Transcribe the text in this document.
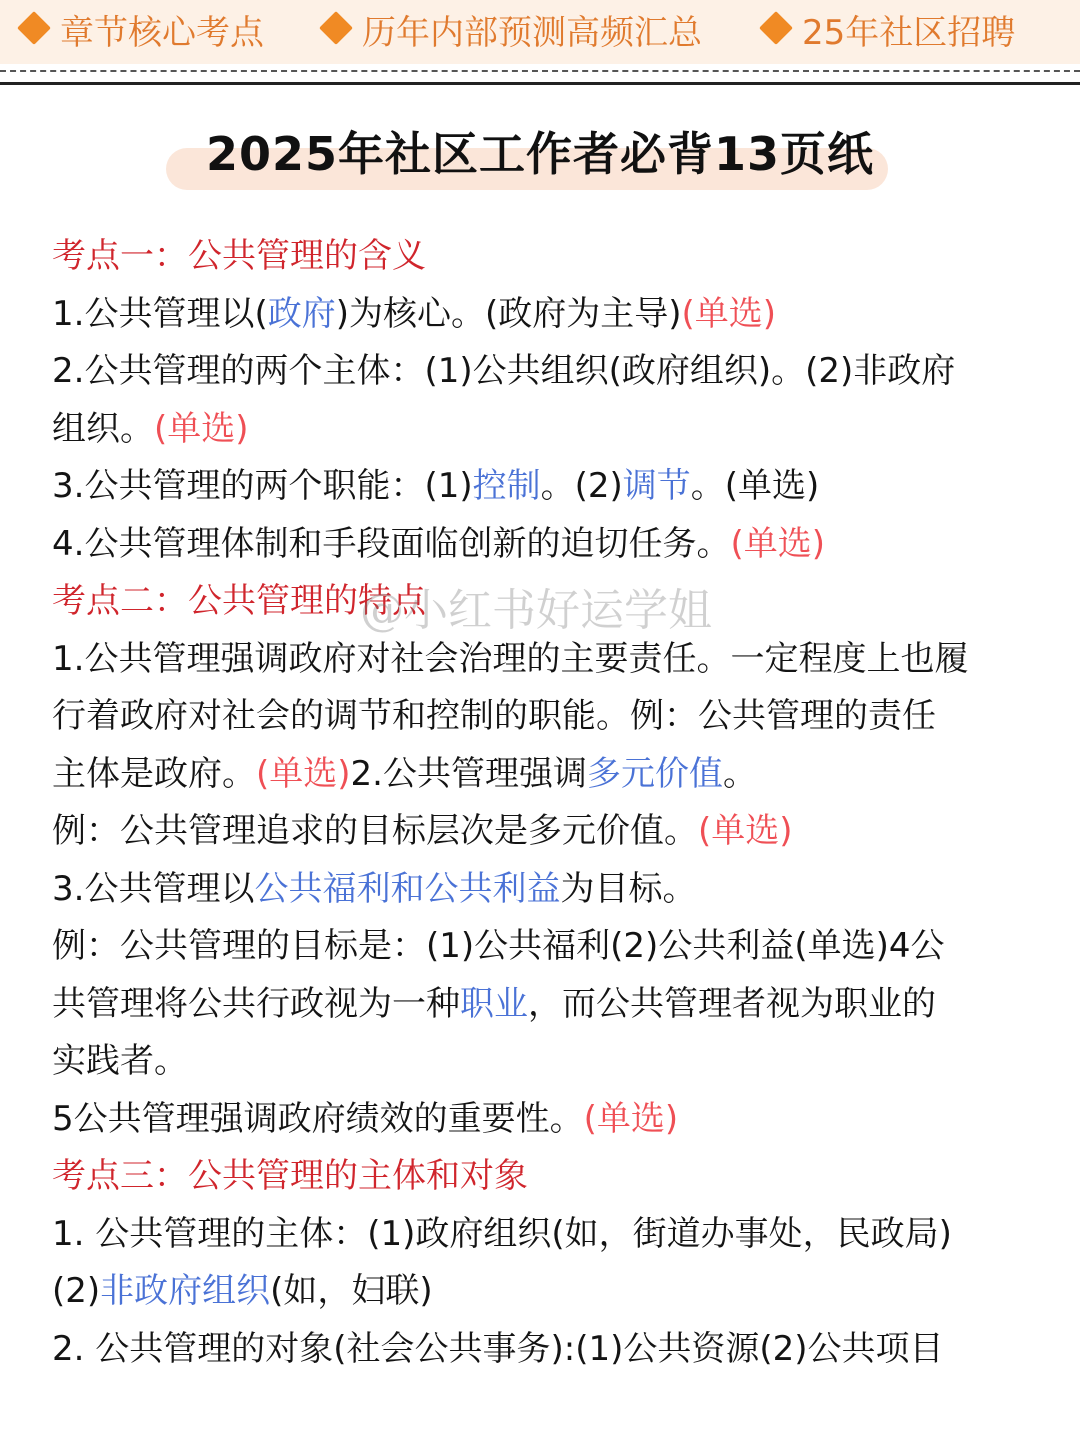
章节核心考点	历年内部预测高频汇总	25年社区招聘
2025年社区工作者必背13页纸
考点一：公共管理的含义
1.公共管理以(政府)为核心。(政府为主导)(单选)
2.公共管理的两个主体：(1)公共组织(政府组织)。(2)非政府
组织。(单选)
3.公共管理的两个职能：(1)控制。(2)调节。(单选)
4.公共管理体制和手段面临创新的迫切任务。(单选)
考点二：公共管理的特点
1.公共管理强调政府对社会治理的主要责任。一定程度上也履
行着政府对社会的调节和控制的职能。例：公共管理的责任
主体是政府。(单选)2.公共管理强调多元价值。
例：公共管理追求的目标层次是多元价值。(单选)
3.公共管理以公共福利和公共利益为目标。
例：公共管理的目标是：(1)公共福利(2)公共利益(单选)4公
共管理将公共行政视为一种职业，而公共管理者视为职业的
实践者。
5公共管理强调政府绩效的重要性。(单选)
考点三：公共管理的主体和对象
1. 公共管理的主体：(1)政府组织(如，街道办事处，民政局)
(2)非政府组织(如，妇联)
2. 公共管理的对象(社会公共事务):(1)公共资源(2)公共项目
@小红书好运学姐
